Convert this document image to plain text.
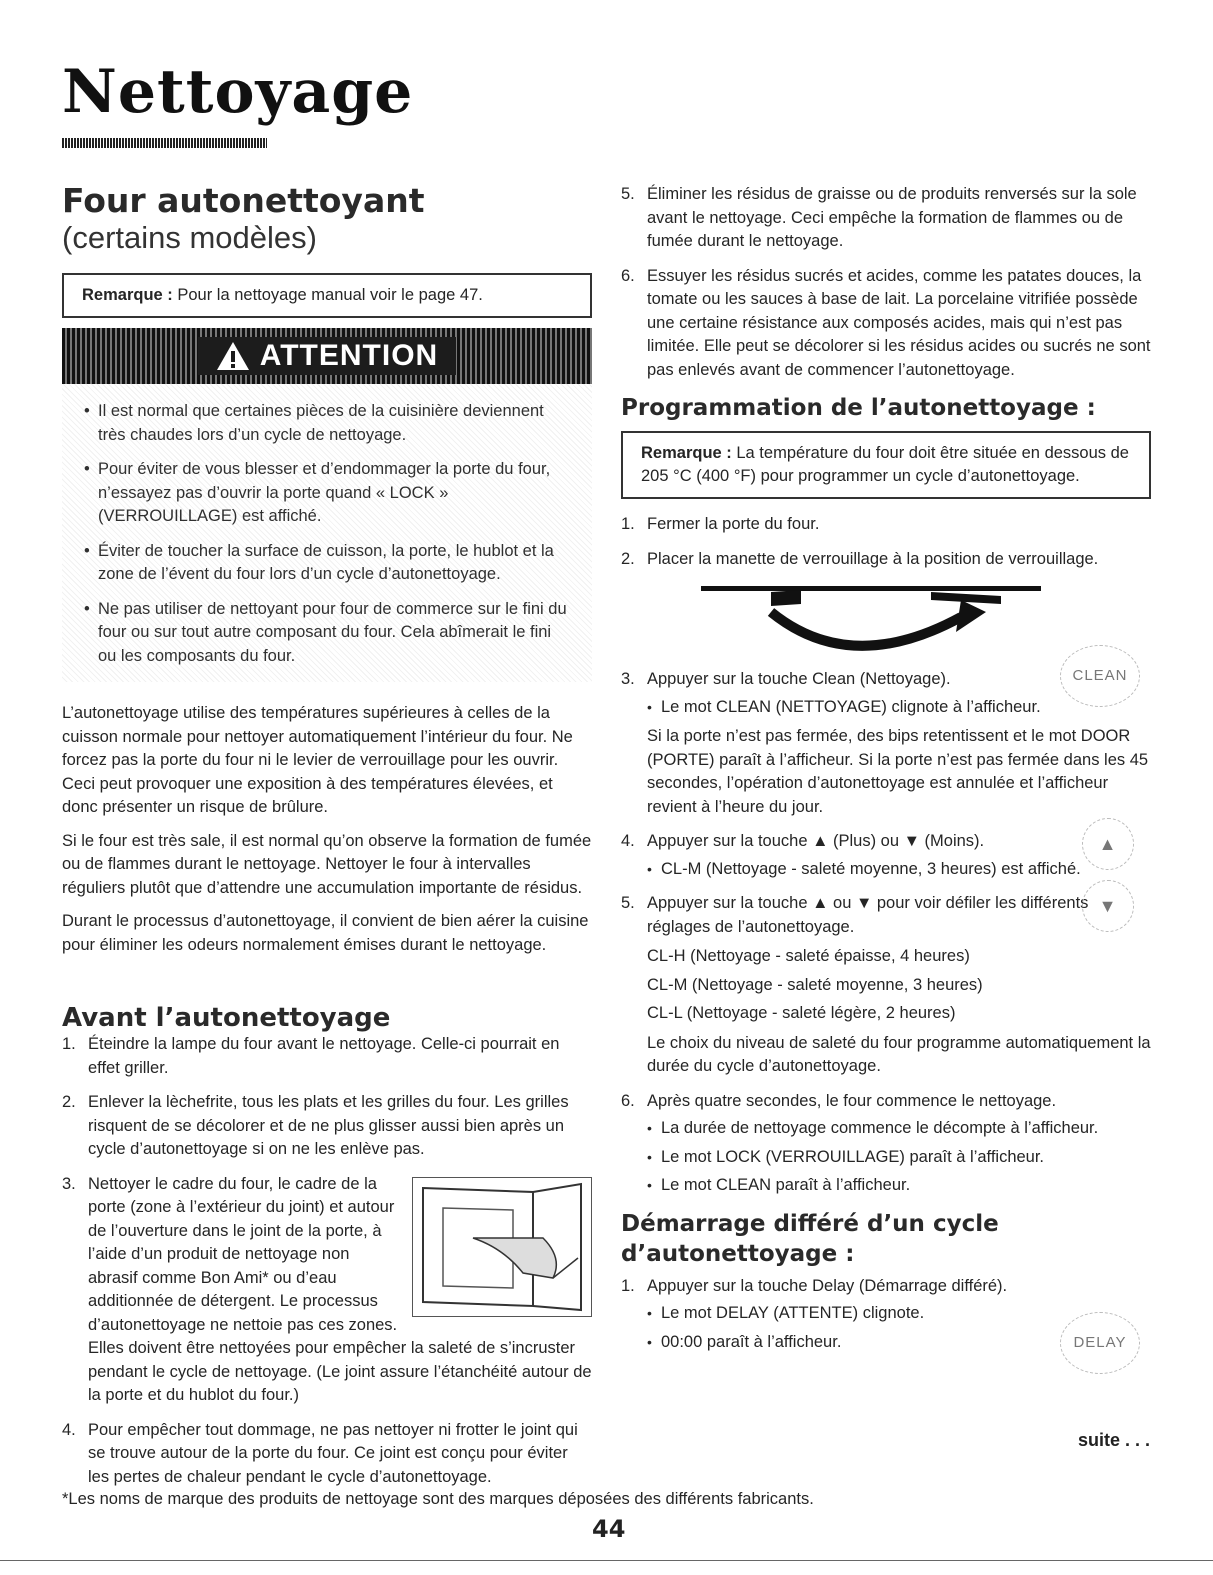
Nettoyage
Four autonettoyant
(certains modèles)
Remarque : Pour la nettoyage manual voir le page 47.
ATTENTION
• Il est normal que certaines pièces de la cuisinière deviennent très chaudes lors d’un cycle de nettoyage.
• Pour éviter de vous blesser et d’endommager la porte du four, n’essayez pas d’ouvrir la porte quand « LOCK » (VERROUILLAGE) est affiché.
• Éviter de toucher la surface de cuisson, la porte, le hublot et la zone de l’évent du four lors d’un cycle d’autonettoyage.
• Ne pas utiliser de nettoyant pour four de commerce sur le fini du four ou sur tout autre composant du four. Cela abîmerait le fini ou les composants du four.

L’autonettoyage utilise des températures supérieures à celles de la cuisson normale pour nettoyer automatiquement l’intérieur du four. Ne forcez pas la porte du four ni le levier de verrouillage pour les ouvrir. Ceci peut provoquer une exposition à des températures élevées, et donc présenter un risque de brûlure.

Si le four est très sale, il est normal qu’on observe la formation de fumée ou de flammes durant le nettoyage. Nettoyer le four à intervalles réguliers plutôt que d’attendre une accumulation importante de résidus.

Durant le processus d’autonettoyage, il convient de bien aérer la cuisine pour éliminer les odeurs normalement émises durant le nettoyage.

Avant l’autonettoyage
1. Éteindre la lampe du four avant le nettoyage. Celle-ci pourrait en effet griller.
2. Enlever la lèchefrite, tous les plats et les grilles du four. Les grilles risquent de se décolorer et de ne plus glisser aussi bien après un cycle d’autonettoyage si on ne les enlève pas.
3. Nettoyer le cadre du four, le cadre de la porte (zone à l’extérieur du joint) et autour de l’ouverture dans le joint de la porte, à l’aide d’un produit de nettoyage non abrasif comme Bon Ami* ou d’eau additionnée de détergent. Le processus d’autonettoyage ne nettoie pas ces zones. Elles doivent être nettoyées pour empêcher la saleté de s’incruster pendant le cycle de nettoyage. (Le joint assure l’étanchéité autour de la porte et du hublot du four.)
4. Pour empêcher tout dommage, ne pas nettoyer ni frotter le joint qui se trouve autour de la porte du four. Ce joint est conçu pour éviter les pertes de chaleur pendant le cycle d’autonettoyage.
5. Éliminer les résidus de graisse ou de produits renversés sur la sole avant le nettoyage. Ceci empêche la formation de flammes ou de fumée durant le nettoyage.
6. Essuyer les résidus sucrés et acides, comme les patates douces, la tomate ou les sauces à base de lait. La porcelaine vitrifiée possède une certaine résistance aux composés acides, mais qui n’est pas limitée. Elle peut se décolorer si les résidus acides ou sucrés ne sont pas enlevés avant de commencer l’autonettoyage.
Programmation de l’autonettoyage :
Remarque : La température du four doit être située en dessous de 205 °C (400 °F) pour programmer un cycle d’autonettoyage.
1. Fermer la porte du four.
2. Placer la manette de verrouillage à la position de verrouillage.
3. Appuyer sur la touche Clean (Nettoyage).
• Le mot CLEAN (NETTOYAGE) clignote à l’afficheur.

Si la porte n’est pas fermée, des bips retentissent et le mot DOOR (PORTE) paraît à l’afficheur. Si la porte n’est pas fermée dans les 45 secondes, l’opération d’autonettoyage est annulée et l’afficheur revient à l’heure du jour.

4. Appuyer sur la touche ▲ (Plus) ou ▼ (Moins).
• CL-M (Nettoyage - saleté moyenne, 3 heures) est affiché.
5. Appuyer sur la touche ▲ ou ▼ pour voir défiler les différents réglages de l’autonettoyage.
CL-H (Nettoyage - saleté épaisse, 4 heures)
CL-M (Nettoyage - saleté moyenne, 3 heures)
CL-L (Nettoyage - saleté légère, 2 heures)

Le choix du niveau de saleté du four programme automatiquement la durée du cycle d’autonettoyage.

6. Après quatre secondes, le four commence le nettoyage.
• La durée de nettoyage commence le décompte à l’afficheur.
• Le mot LOCK (VERROUILLAGE) paraît à l’afficheur.
• Le mot CLEAN paraît à l’afficheur.
Démarrage différé d’un cycle d’autonettoyage :
1. Appuyer sur la touche Delay (Démarrage différé).
• Le mot DELAY (ATTENTE) clignote.
• 00:00 paraît à l’afficheur.
CLEAN
▲
▼
DELAY
suite . . .
*Les noms de marque des produits de nettoyage sont des marques déposées des différents fabricants.
44
